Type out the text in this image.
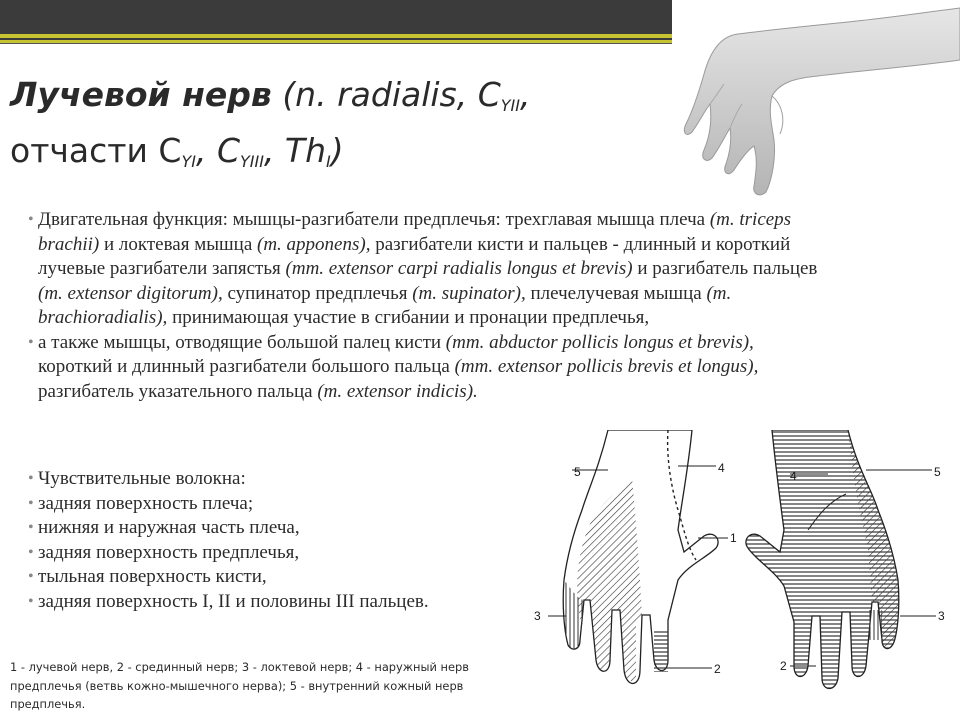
Лучевой нерв (n. radialis, $C_{YII}$,
отчасти $C_{YI}$, $C_{YIII}$, $Th_I$)
• Двигательная функция: мышцы-разгибатели предплечья: трехглавая мышца плеча (m. triceps brachii) и локтевая мышца (m. apponens), разгибатели кисти и пальцев - длинный и короткий лучевые разгибатели запястья (mm. extensor carpi radialis longus et brevis) и разгибатель пальцев (m. extensor digitorum), супинатор предплечья (m. supinator), плечелучевая мышца (m. brachioradialis), принимающая участие в сгибании и пронации предплечья,
• а также мышцы, отводящие большой палец кисти (mm. abductor pollicis longus et brevis), короткий и длинный разгибатели большого пальца (mm. extensor pollicis brevis et longus), разгибатель указательного пальца (m. extensor indicis).
• Чувствительные волокна:
• задняя поверхность плеча;
• нижняя и наружная часть плеча,
• задняя поверхность предплечья,
• тыльная поверхность кисти,
• задняя поверхность I, II и половины III пальцев.
1 - лучевой нерв, 2 - срединный нерв; 3 - локтевой нерв; 4 - наружный нерв предплечья (ветвь кожно-мышечного нерва); 5 - внутренний кожный нерв предплечья.
5	4
1
3
2
4	5
2
3
